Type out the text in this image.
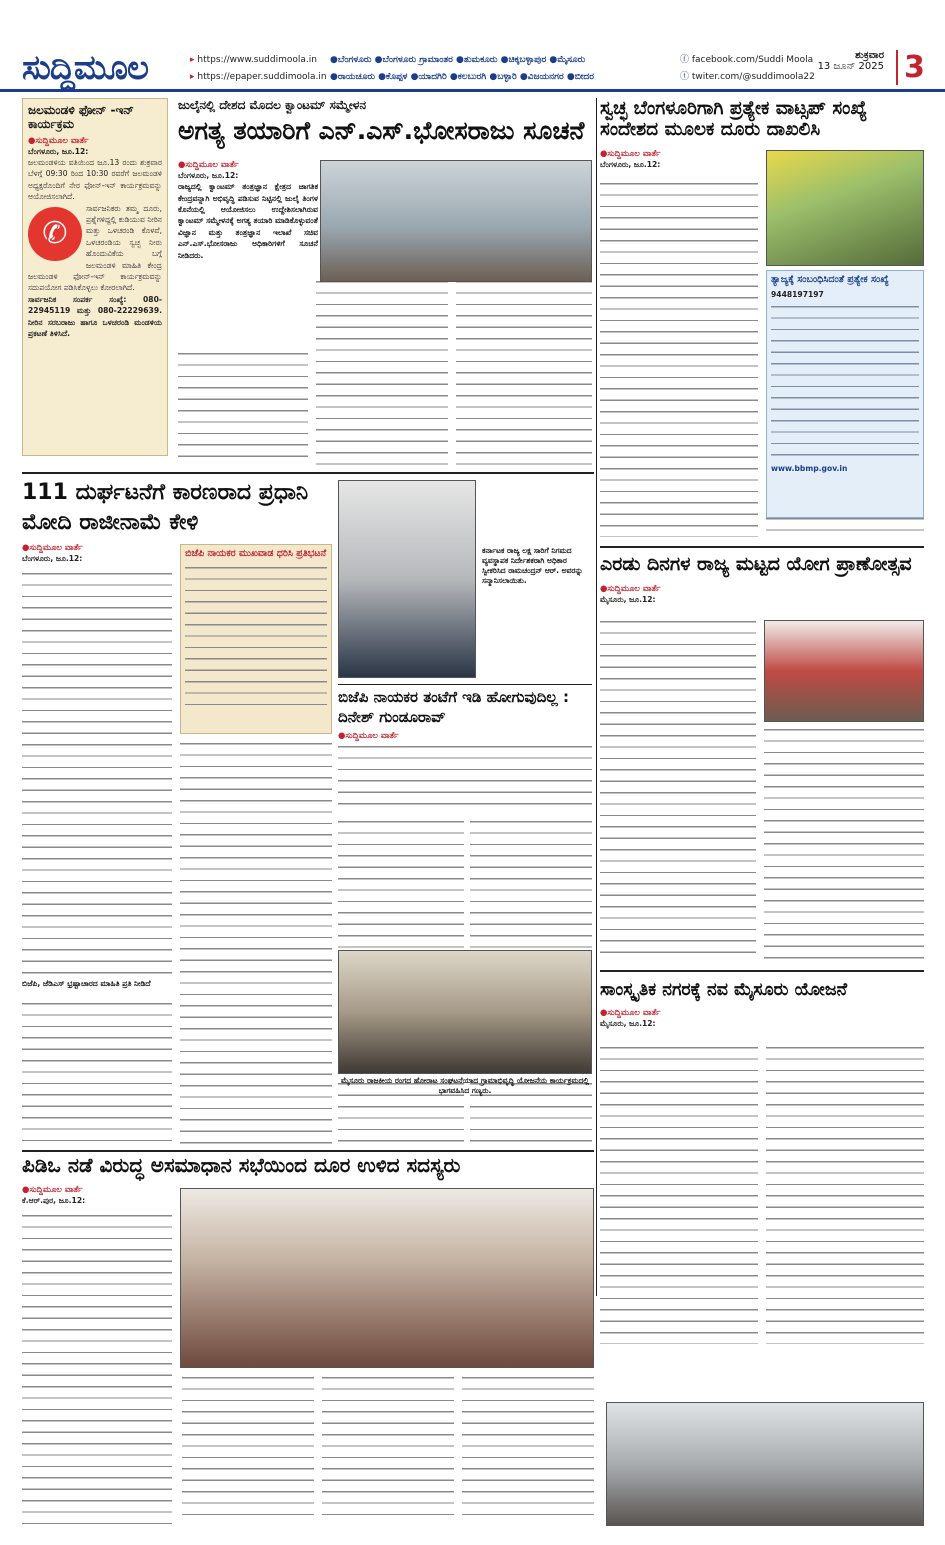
ಸುದ್ದಿಮೂಲ
▸	https://www.suddimoola.in
▸ https://epaper.suddimoola.in
●ಬೆಂಗಳೂರು ●ಬೆಂಗಳೂರು ಗ್ರಾಮಾಂತರ ●ತುಮಕೂರು ●ಚಿಕ್ಕಬಳ್ಳಾಪುರ ●ಮೈಸೂರು
●ರಾಯಚೂರು ●ಕೊಪ್ಪಳ ●ಯಾದಗಿರಿ ●ಕಲಬುರಗಿ ●ಬಳ್ಳಾರಿ ●ವಿಜಯನಗರ ●ಬೀದರ
ⓕ facebook.com/Suddi Moola
ⓣ twiter.com/@suddimoola22
ಶುಕ್ರವಾರ
13 ಜೂನ್ 2025 3
ಜಲಮಂಡಳಿ ಫೋನ್ -ಇನ್ ಕಾರ್ಯಕ್ರಮ
●ಸುದ್ದಿಮೂಲ ವಾರ್ತೆ
ಬೆಂಗಳೂರು, ಜೂ.12:
ಜಲಮಂಡಳಿಯ ವತಿಯಿಂದ ಜೂ.13 ರಂದು ಶುಕ್ರವಾರ ಬೆಳಗ್ಗೆ 09:30 ರಿಂದ 10:30 ರವರೆಗೆ ಜಲಮಂಡಳಿ ಅಧ್ಯಕ್ಷರೊಂದಿಗೆ ನೇರ ಫೋನ್-ಇನ್ ಕಾರ್ಯಕ್ರಮವನ್ನು ಆಯೋಜಿಸಲಾಗಿದೆ.
✆
ಸಾರ್ವಜನಿಕರು ತಮ್ಮ ದೂರು, ಪ್ರಶ್ನೆಗಳಿದ್ದಲ್ಲಿ ಕುಡಿಯುವ ನೀರಿನ ಮತ್ತು ಒಳಚರಂಡಿ ಕೊಳವೆ, ಒಳಚರಂಡಿಯ ಸ್ವಚ್ಛ ನೀರು ಹೊಂದುವಿಕೆಯ ಬಗ್ಗೆ ಜಲಮಂಡಳಿ ಮಾಹಿತಿ ಕೇಂದ್ರ ಜಲಮಂಡಳಿ ಫೋನ್-ಇನ್ ಕಾರ್ಯಕ್ರಮವನ್ನು ಸದುಪಯೋಗ ಪಡಿಸಿಕೊಳ್ಳಲು ಕೋರಲಾಗಿದೆ.
ಸಾರ್ವಜನಿಕ ಸಂಪರ್ಕ ಸಂಖ್ಯೆ: 080-22945119 ಮತ್ತು 080-22229639. ನೀರಿನ ಸರಬರಾಜು ಹಾಗೂ ಒಳಚರಂಡಿ ಮಂಡಳಿಯ ಪ್ರಕಟಣೆ ತಿಳಿಸಿದೆ.
ಜುಲೈನಲ್ಲಿ ದೇಶದ ಮೊದಲ ಕ್ವಾಂಟಮ್ ಸಮ್ಮೇಳನ
ಅಗತ್ಯ ತಯಾರಿಗೆ ಎನ್.ಎಸ್.ಭೋಸರಾಜು ಸೂಚನೆ
●ಸುದ್ದಿಮೂಲ ವಾರ್ತೆ
ಬೆಂಗಳೂರು, ಜೂ.12:
ರಾಜ್ಯದಲ್ಲಿ ಕ್ವಾಂಟಮ್ ತಂತ್ರಜ್ಞಾನ ಕ್ಷೇತ್ರದ ಜಾಗತಿಕ ಕೇಂದ್ರವನ್ನಾಗಿ ಅಭಿವೃದ್ಧಿ ಪಡಿಸುವ ನಿಟ್ಟಿನಲ್ಲಿ ಜುಲೈ ತಿಂಗಳ ಕೊನೆಯಲ್ಲಿ ಆಯೋಜಿಸಲು ಉದ್ದೇಶಿಸಲಾಗಿರುವ ಕ್ವಾಂಟಮ್ ಸಮ್ಮೇಳನಕ್ಕೆ ಅಗತ್ಯ ತಯಾರಿ ಮಾಡಿಕೊಳ್ಳುವಂತೆ ವಿಜ್ಞಾನ ಮತ್ತು ತಂತ್ರಜ್ಞಾನ ಇಲಾಖೆ ಸಚಿವ ಎನ್.ಎಸ್.ಭೋಸರಾಜು ಅಧಿಕಾರಿಗಳಿಗೆ ಸೂಚನೆ ನೀಡಿದರು.
ಸ್ವಚ್ಛ ಬೆಂಗಳೂರಿಗಾಗಿ ಪ್ರತ್ಯೇಕ ವಾಟ್ಸಪ್ ಸಂಖ್ಯೆ ಸಂದೇಶದ ಮೂಲಕ ದೂರು ದಾಖಲಿಸಿ
●ಸುದ್ದಿಮೂಲ ವಾರ್ತೆ
ಬೆಂಗಳೂರು, ಜೂ.12:
ತ್ಯಾಜ್ಯಕ್ಕೆ ಸಂಬಂಧಿಸಿದಂತೆ ಪ್ರತ್ಯೇಕ ಸಂಖ್ಯೆ
9448197197
www.bbmp.gov.in
111 ದುರ್ಘಟನೆಗೆ ಕಾರಣರಾದ ಪ್ರಧಾನಿ ಮೋದಿ ರಾಜೀನಾಮೆ ಕೇಳಿ
●ಸುದ್ದಿಮೂಲ ವಾರ್ತೆ
ಬೆಂಗಳೂರು, ಜೂ.12:
ಬಿಜೆಪಿ, ಜೆಡಿಎಸ್ ಭ್ರಷ್ಟಾಚಾರದ ಮಾಹಿತಿ ಪ್ರತಿ ನೀಡಿದೆ
ಬಿಜೆಪಿ ನಾಯಕರ ಮುಖವಾಡ ಧರಿಸಿ ಪ್ರತಿಭಟನೆ	ಕರ್ನಾಟಕ ರಾಜ್ಯ ಲಕ್ಷ ಸಾರಿಗೆ ನಿಗಮದ ವ್ಯವಸ್ಥಾಪಕ ನಿರ್ದೇಶಕರಾಗಿ ಅಧಿಕಾರ ಸ್ವೀಕರಿಸಿದ ರಾಮಚಂದ್ರನ್ ಆರ್. ಅವರನ್ನು ಸನ್ಮಾನಿಸಲಾಯಿತು.
ಬಿಜೆಪಿ ನಾಯಕರ ತಂಟೆಗೆ ಇಡಿ ಹೋಗುವುದಿಲ್ಲ : ದಿನೇಶ್ ಗುಂಡೂರಾವ್
●ಸುದ್ದಿಮೂಲ ವಾರ್ತೆ
ಮೈಸೂರು ರಾಜಕೀಯ ರಂಗದ ಹೋರಾಟ ಸಂಘಟನೆಯಾದ ಗ್ರಾಮಾಭಿವೃದ್ಧಿ ಯೋಜನೆಯ ಕಾರ್ಯಕ್ರಮದಲ್ಲಿ ಭಾಗವಹಿಸಿದ ಗಣ್ಯರು.
ಎರಡು ದಿನಗಳ ರಾಜ್ಯ ಮಟ್ಟದ ಯೋಗ ಪ್ರಾಣೋತ್ಸವ
●ಸುದ್ದಿಮೂಲ ವಾರ್ತೆ
ಮೈಸೂರು, ಜೂ.12:
ಸಾಂಸ್ಕೃತಿಕ ನಗರಕ್ಕೆ ನವ ಮೈಸೂರು ಯೋಜನೆ
●ಸುದ್ದಿಮೂಲ ವಾರ್ತೆ
ಮೈಸೂರು, ಜೂ.12:
ಪಿಡಿಒ ನಡೆ ವಿರುದ್ಧ ಅಸಮಾಧಾನ ಸಭೆಯಿಂದ ದೂರ ಉಳಿದ ಸದಸ್ಯರು
●ಸುದ್ದಿಮೂಲ ವಾರ್ತೆ
ಕೆ.ಆರ್.ಪುರ, ಜೂ.12:
